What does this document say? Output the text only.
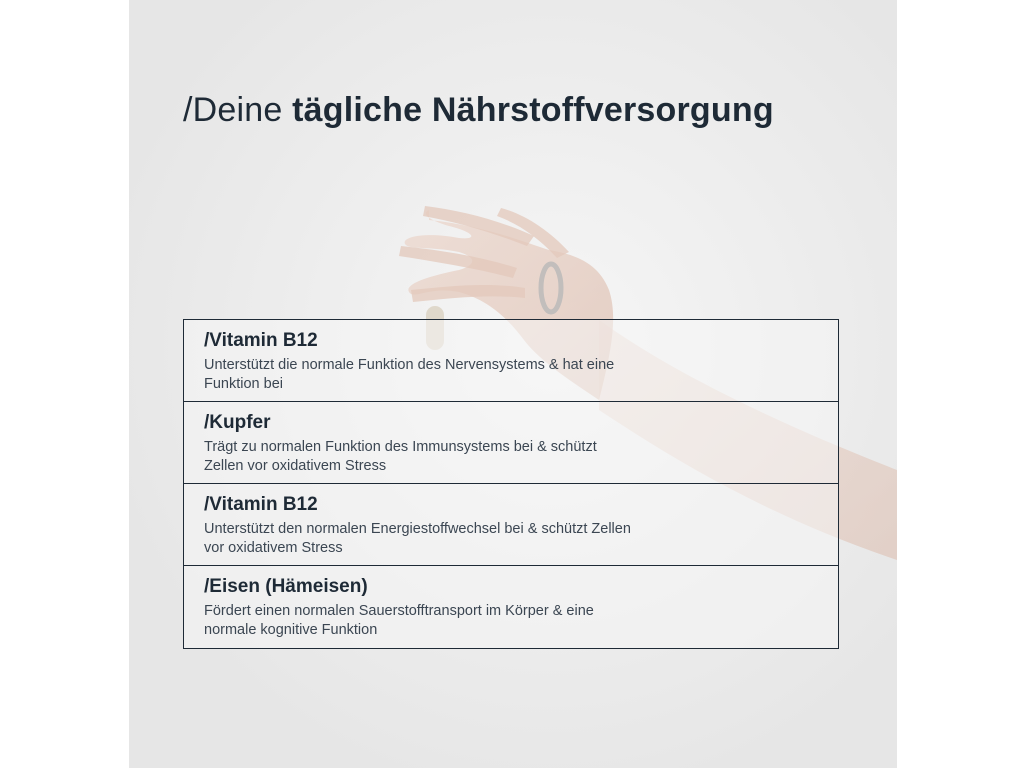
/Deine tägliche Nährstoffversorgung

/Vitamin B12

Unterstützt die normale Funktion des Nervensystems & hat eine Funktion bei

/Kupfer

Trägt zu normalen Funktion des Immunsystems bei & schützt Zellen vor oxidativem Stress

/Vitamin B12

Unterstützt den normalen Energiestoffwechsel bei & schützt Zellen vor oxidativem Stress

/Eisen (Hämeisen)

Fördert einen normalen Sauerstofftransport im Körper & eine normale kognitive Funktion
